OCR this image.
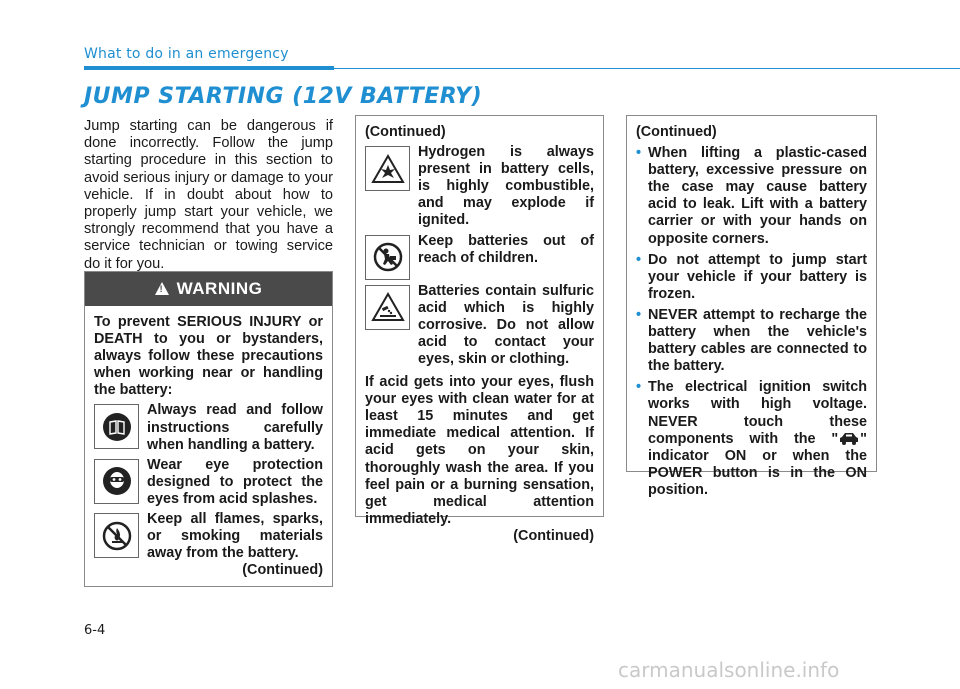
What to do in an emergency
JUMP STARTING (12V BATTERY)
Jump starting can be dangerous if done incorrectly. Follow the jump starting procedure in this section to avoid serious injury or damage to your vehicle. If in doubt about how to properly jump start your vehicle, we strongly recommend that you have a service technician or towing service do it for you.
! WARNING
To prevent SERIOUS INJURY or DEATH to you or bystanders, always follow these precautions when working near or handling the battery:
Always read and follow instructions carefully when handling a battery.
Wear eye protection designed to protect the eyes from acid splashes.
Keep all flames, sparks, or smoking materials away from the battery.
(Continued)
(Continued)
Hydrogen is always present in battery cells, is highly combustible, and may explode if ignited.
Keep batteries out of reach of children.
Batteries contain sulfuric acid which is highly corrosive. Do not allow acid to contact your eyes, skin or clothing.
If acid gets into your eyes, flush your eyes with clean water for at least 15 minutes and get immediate medical attention. If acid gets on your skin, thoroughly wash the area. If you feel pain or a burning sensation, get medical attention immediately.
(Continued)
(Continued)
• When lifting a plastic-cased battery, excessive pressure on the case may cause battery acid to leak. Lift with a battery carrier or with your hands on opposite corners.
• Do not attempt to jump start your vehicle if your battery is frozen.
• NEVER attempt to recharge the battery when the vehicle's battery cables are connected to the battery.
• The electrical ignition switch works with high voltage. NEVER touch these components with the " " indicator ON or when the POWER button is in the ON position.
6-4
carmanualsonline.info
